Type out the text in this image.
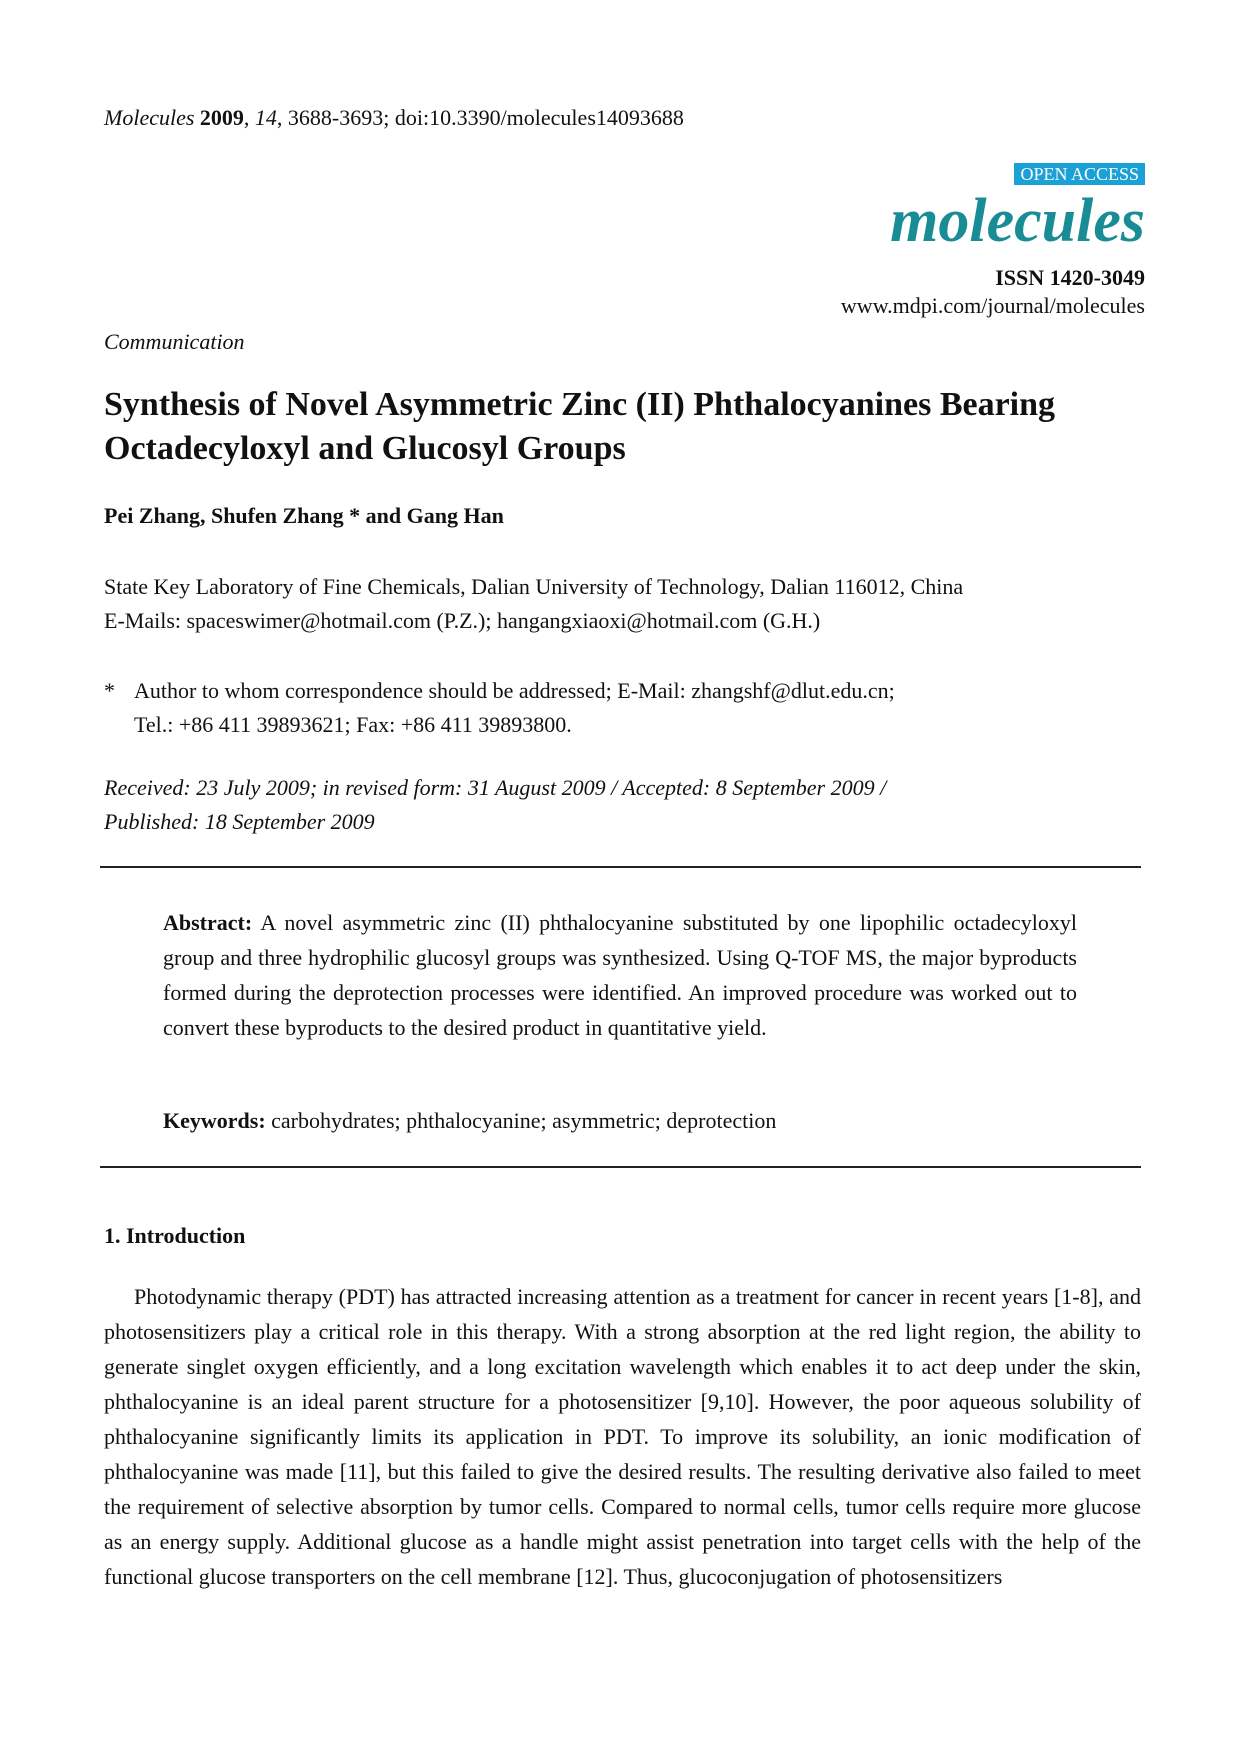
Molecules 2009, 14, 3688-3693; doi:10.3390/molecules14093688
OPEN ACCESS
molecules
ISSN 1420-3049
www.mdpi.com/journal/molecules
Communication
Synthesis of Novel Asymmetric Zinc (II) Phthalocyanines Bearing Octadecyloxyl and Glucosyl Groups
Pei Zhang, Shufen Zhang * and Gang Han
State Key Laboratory of Fine Chemicals, Dalian University of Technology, Dalian 116012, China
E-Mails: spaceswimer@hotmail.com (P.Z.); hangangxiaoxi@hotmail.com (G.H.)
* Author to whom correspondence should be addressed; E-Mail: zhangshf@dlut.edu.cn;
Tel.: +86 411 39893621; Fax: +86 411 39893800.
Received: 23 July 2009; in revised form: 31 August 2009 / Accepted: 8 September 2009 /
Published: 18 September 2009
Abstract: A novel asymmetric zinc (II) phthalocyanine substituted by one lipophilic octadecyloxyl group and three hydrophilic glucosyl groups was synthesized. Using Q-TOF MS, the major byproducts formed during the deprotection processes were identified. An improved procedure was worked out to convert these byproducts to the desired product in quantitative yield.
Keywords: carbohydrates; phthalocyanine; asymmetric; deprotection
1. Introduction

Photodynamic therapy (PDT) has attracted increasing attention as a treatment for cancer in recent years [1-8], and photosensitizers play a critical role in this therapy. With a strong absorption at the red light region, the ability to generate singlet oxygen efficiently, and a long excitation wavelength which enables it to act deep under the skin, phthalocyanine is an ideal parent structure for a photosensitizer [9,10]. However, the poor aqueous solubility of phthalocyanine significantly limits its application in PDT. To improve its solubility, an ionic modification of phthalocyanine was made [11], but this failed to give the desired results. The resulting derivative also failed to meet the requirement of selective absorption by tumor cells. Compared to normal cells, tumor cells require more glucose as an energy supply. Additional glucose as a handle might assist penetration into target cells with the help of the functional glucose transporters on the cell membrane [12]. Thus, glucoconjugation of photosensitizers
